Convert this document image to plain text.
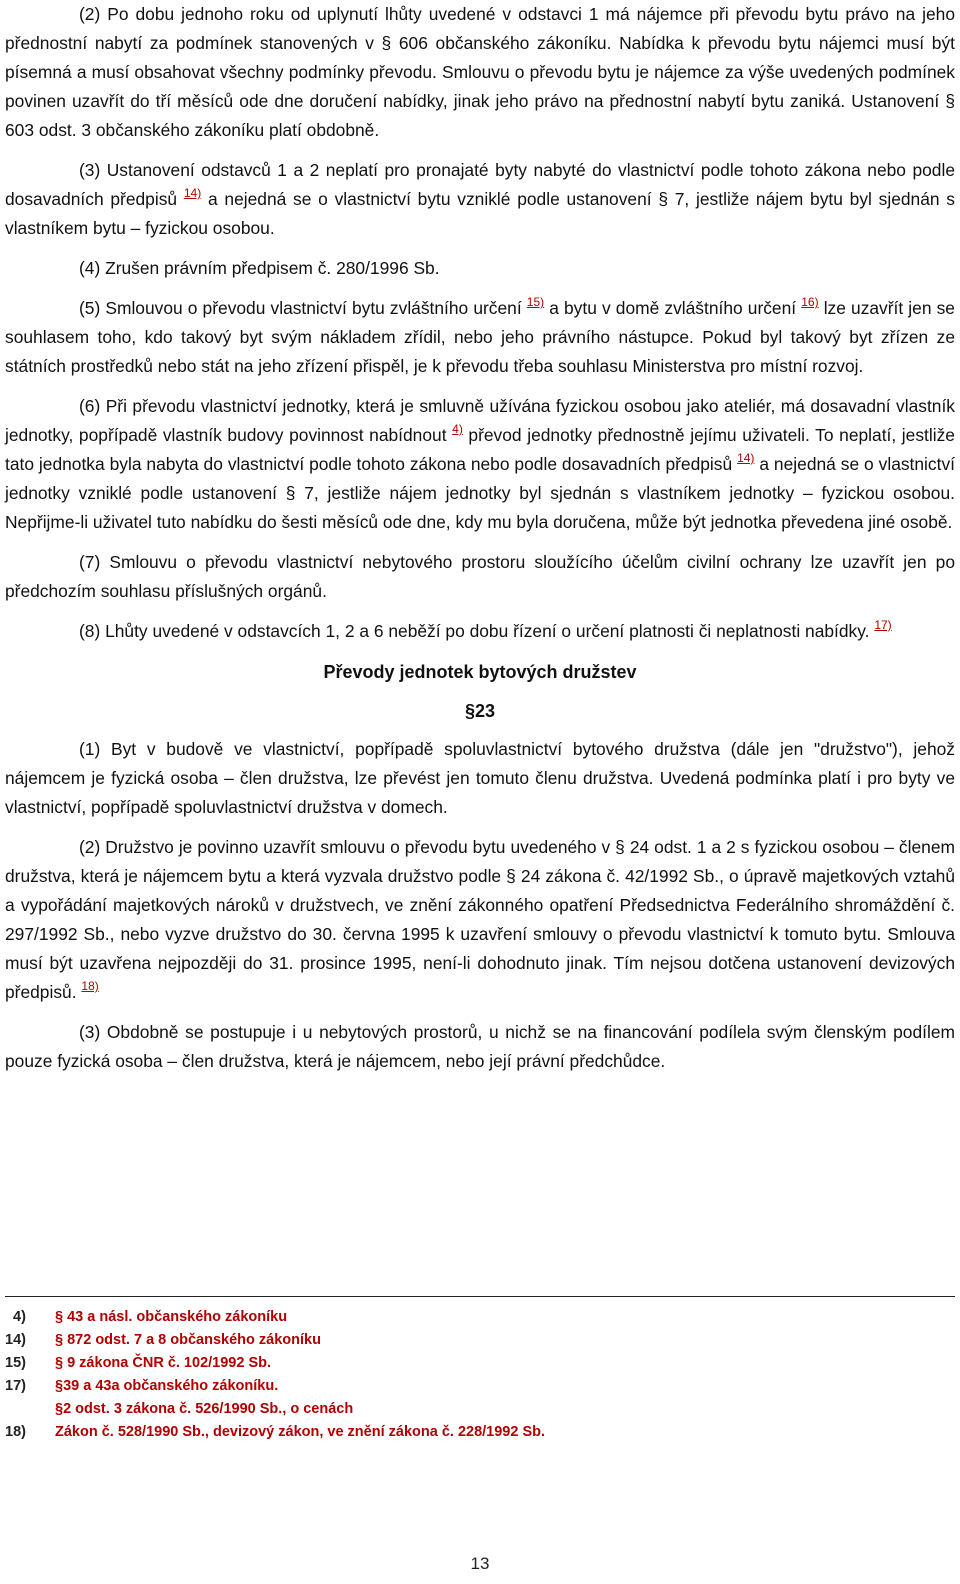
(2) Po dobu jednoho roku od uplynutí lhůty uvedené v odstavci 1 má nájemce při převodu bytu právo na jeho přednostní nabytí za podmínek stanovených v § 606 občanského zákoníku. Nabídka k převodu bytu nájemci musí být písemná a musí obsahovat všechny podmínky převodu. Smlouvu o převodu bytu je nájemce za výše uvedených podmínek povinen uzavřít do tří měsíců ode dne doručení nabídky, jinak jeho právo na přednostní nabytí bytu zaniká. Ustanovení § 603 odst. 3 občanského zákoníku platí obdobně.

(3) Ustanovení odstavců 1 a 2 neplatí pro pronajaté byty nabyté do vlastnictví podle tohoto zákona nebo podle dosavadních předpisů $^{14)}$ a nejedná se o vlastnictví bytu vzniklé podle ustanovení § 7, jestliže nájem bytu byl sjednán s vlastníkem bytu – fyzickou osobou.

(4) Zrušen právním předpisem č. 280/1996 Sb.

(5) Smlouvou o převodu vlastnictví bytu zvláštního určení $^{15)}$ a bytu v domě zvláštního určení $^{16)}$ lze uzavřít jen se souhlasem toho, kdo takový byt svým nákladem zřídil, nebo jeho právního nástupce. Pokud byl takový byt zřízen ze státních prostředků nebo stát na jeho zřízení přispěl, je k převodu třeba souhlasu Ministerstva pro místní rozvoj.

(6) Při převodu vlastnictví jednotky, která je smluvně užívána fyzickou osobou jako ateliér, má dosavadní vlastník jednotky, popřípadě vlastník budovy povinnost nabídnout $^{4)}$ převod jednotky přednostně jejímu uživateli. To neplatí, jestliže tato jednotka byla nabyta do vlastnictví podle tohoto zákona nebo podle dosavadních předpisů $^{14)}$ a nejedná se o vlastnictví jednotky vzniklé podle ustanovení § 7, jestliže nájem jednotky byl sjednán s vlastníkem jednotky – fyzickou osobou. Nepřijme-li uživatel tuto nabídku do šesti měsíců ode dne, kdy mu byla doručena, může být jednotka převedena jiné osobě.

(7) Smlouvu o převodu vlastnictví nebytového prostoru sloužícího účelům civilní ochrany lze uzavřít jen po předchozím souhlasu příslušných orgánů.

(8) Lhůty uvedené v odstavcích 1, 2 a 6 neběží po dobu řízení o určení platnosti či neplatnosti nabídky. $^{17)}$

Převody jednotek bytových družstev
§23

(1) Byt v budově ve vlastnictví, popřípadě spoluvlastnictví bytového družstva (dále jen "družstvo"), jehož nájemcem je fyzická osoba – člen družstva, lze převést jen tomuto členu družstva. Uvedená podmínka platí i pro byty ve vlastnictví, popřípadě spoluvlastnictví družstva v domech.

(2) Družstvo je povinno uzavřít smlouvu o převodu bytu uvedeného v § 24 odst. 1 a 2 s fyzickou osobou – členem družstva, která je nájemcem bytu a která vyzvala družstvo podle § 24 zákona č. 42/1992 Sb., o úpravě majetkových vztahů a vypořádání majetkových nároků v družstvech, ve znění zákonného opatření Předsednictva Federálního shromáždění č. 297/1992 Sb., nebo vyzve družstvo do 30. června 1995 k uzavření smlouvy o převodu vlastnictví k tomuto bytu. Smlouva musí být uzavřena nejpozději do 31. prosince 1995, není-li dohodnuto jinak. Tím nejsou dotčena ustanovení devizových předpisů. $^{18)}$

(3) Obdobně se postupuje i u nebytových prostorů, u nichž se na financování podílela svým členským podílem pouze fyzická osoba – člen družstva, která je nájemcem, nebo její právní předchůdce.

4)	§ 43 a násl. občanského zákoníku
14)	§ 872 odst. 7 a 8 občanského zákoníku
15)	§ 9 zákona ČNR č. 102/1992 Sb.
17)	§39 a 43a občanského zákoníku.
§2 odst. 3 zákona č. 526/1990 Sb., o cenách
18)	Zákon č. 528/1990 Sb., devizový zákon, ve znění zákona č. 228/1992 Sb.
13
